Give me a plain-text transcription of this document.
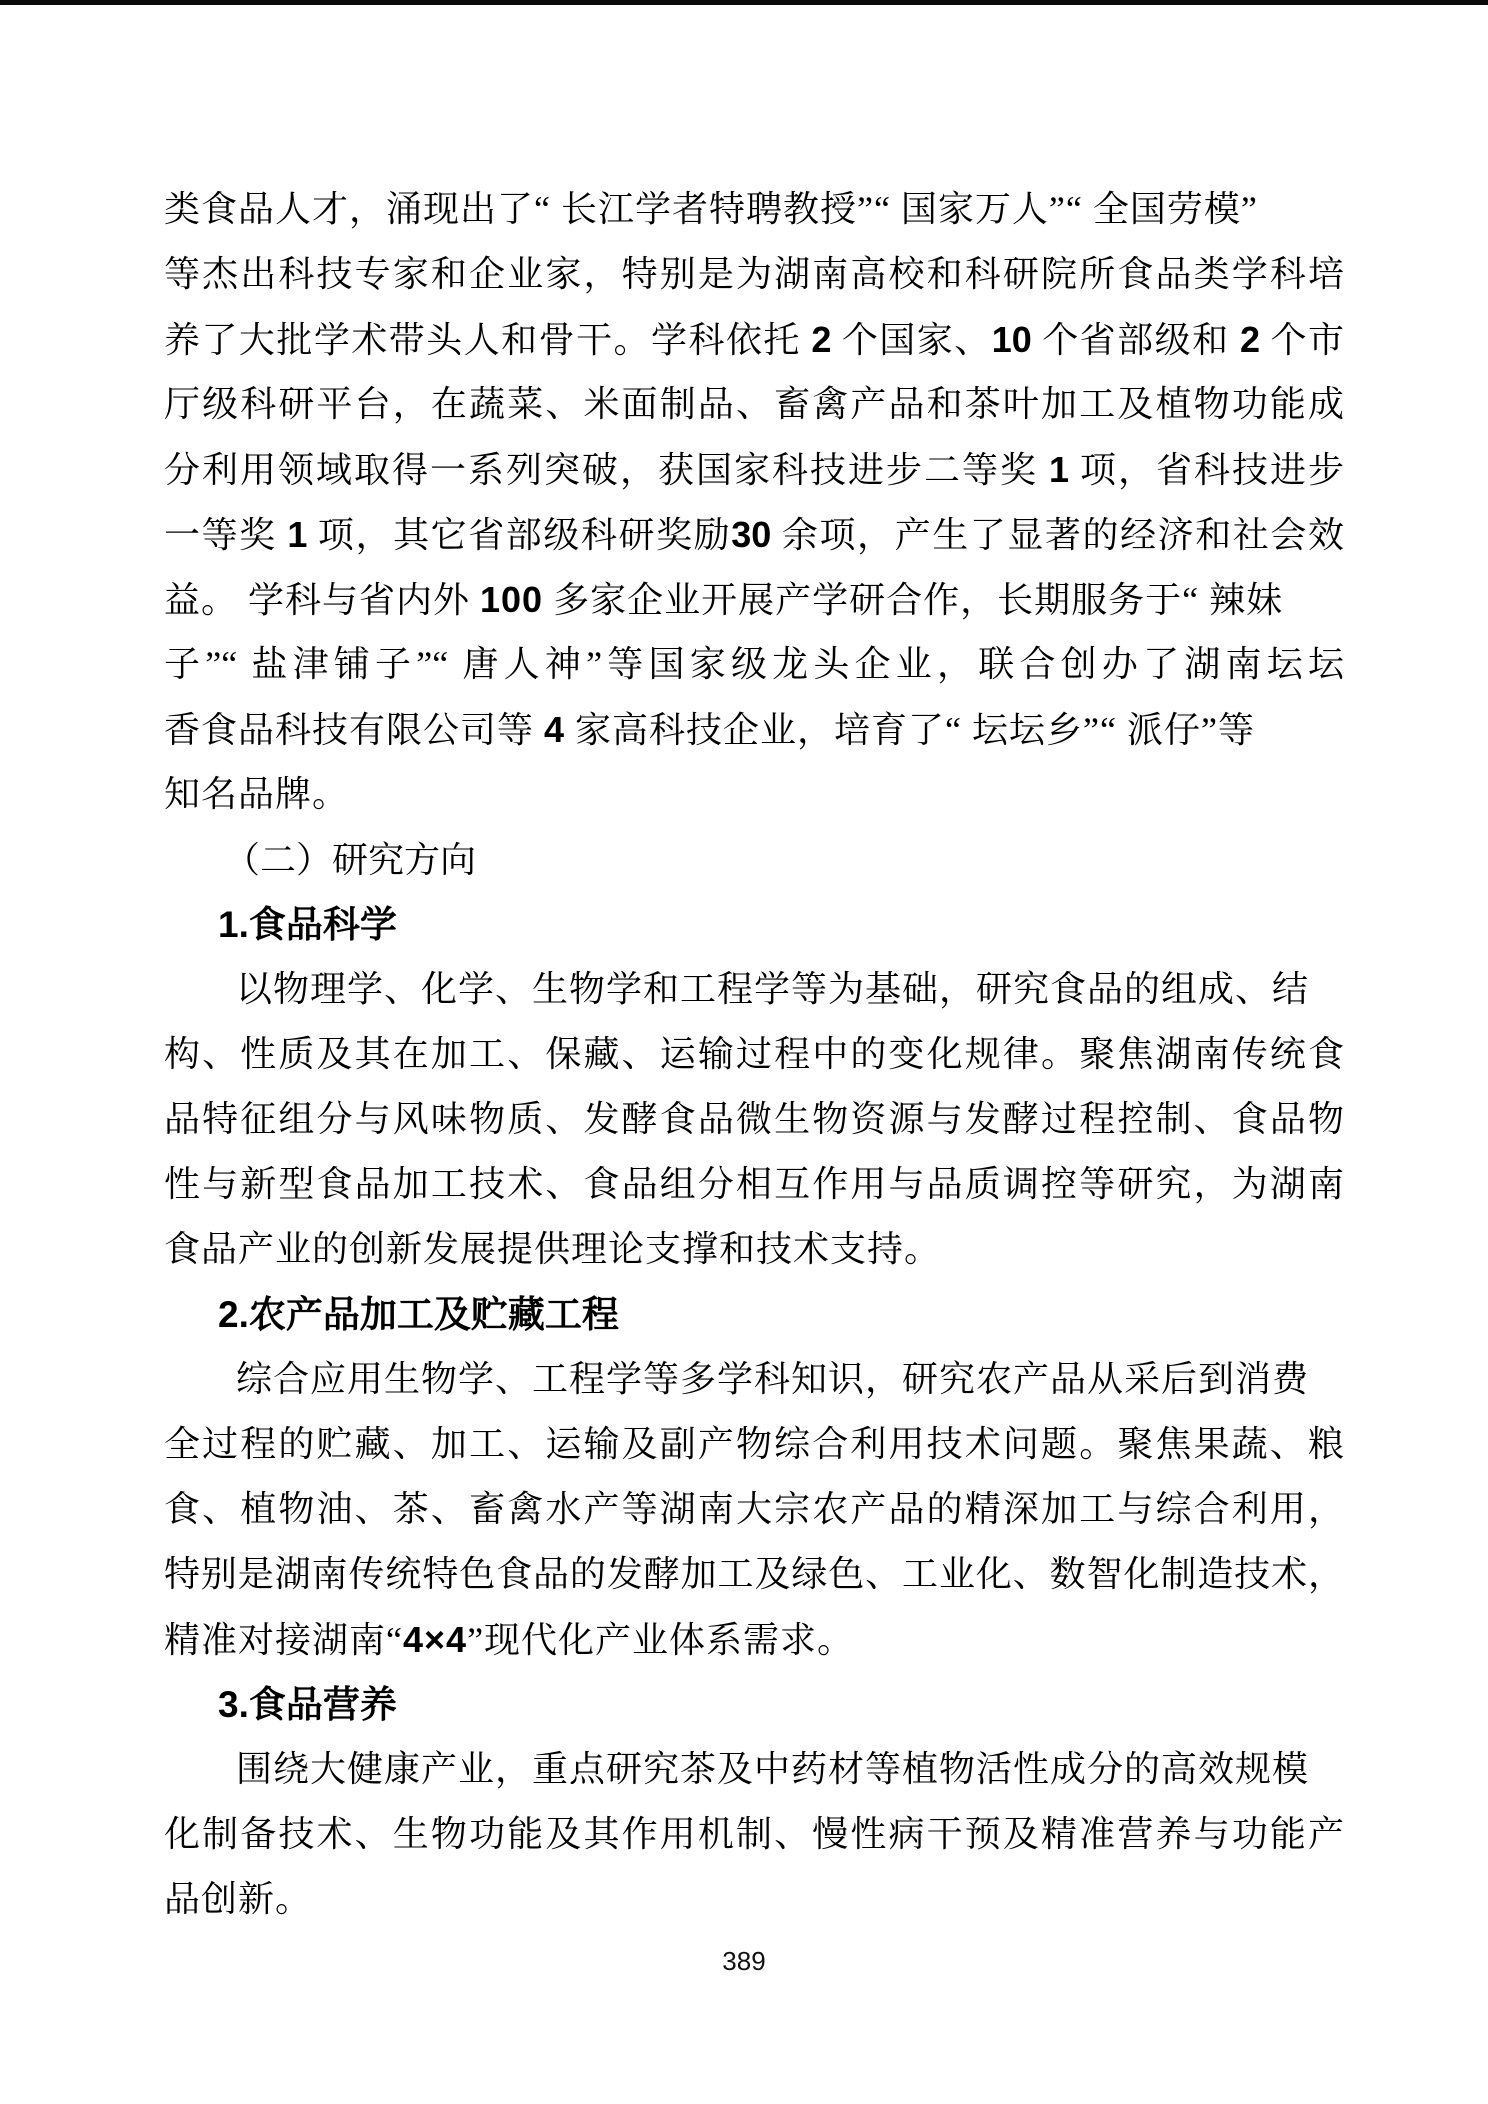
类食品人才，涌现出了“ 长江学者特聘教授”“ 国家万人”“ 全国劳模”
等杰出科技专家和企业家，特别是为湖南高校和科研院所食品类学科培
养了大批学术带头人和骨干。学科依托 2 个国家、10 个省部级和 2 个市
厅级科研平台，在蔬菜、米面制品、畜禽产品和茶叶加工及植物功能成
分利用领域取得一系列突破，获国家科技进步二等奖 1 项，省科技进步
一等奖 1 项，其它省部级科研奖励30 余项，产生了显著的经济和社会效
益。 学科与省内外 100 多家企业开展产学研合作，长期服务于“ 辣妹
子”“ 盐津铺子”“ 唐人神”等国家级龙头企业，联合创办了湖南坛坛
香食品科技有限公司等 4 家高科技企业，培育了“ 坛坛乡”“ 派仔”等
知名品牌。
（二）研究方向
1.食品科学
以物理学、化学、生物学和工程学等为基础，研究食品的组成、结
构、性质及其在加工、保藏、运输过程中的变化规律。聚焦湖南传统食
品特征组分与风味物质、发酵食品微生物资源与发酵过程控制、食品物
性与新型食品加工技术、食品组分相互作用与品质调控等研究，为湖南
食品产业的创新发展提供理论支撑和技术支持。
2.农产品加工及贮藏工程
综合应用生物学、工程学等多学科知识，研究农产品从采后到消费
全过程的贮藏、加工、运输及副产物综合利用技术问题。聚焦果蔬、粮
食、植物油、茶、畜禽水产等湖南大宗农产品的精深加工与综合利用，
特别是湖南传统特色食品的发酵加工及绿色、工业化、数智化制造技术，
精准对接湖南“4×4”现代化产业体系需求。
3.食品营养
围绕大健康产业，重点研究茶及中药材等植物活性成分的高效规模
化制备技术、生物功能及其作用机制、慢性病干预及精准营养与功能产
品创新。
389
